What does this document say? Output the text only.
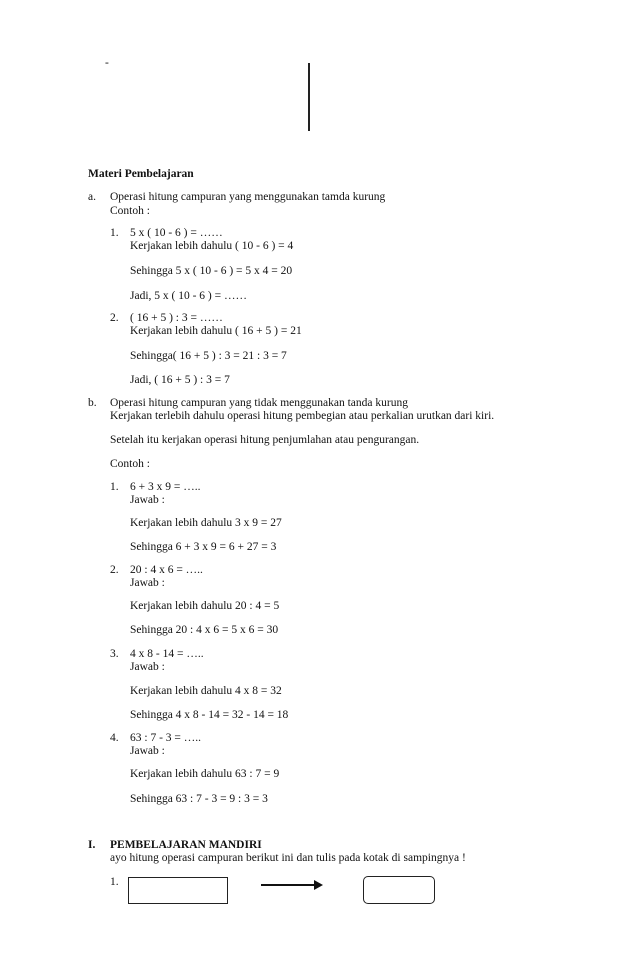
-
Materi Pembelajaran
a. Operasi hitung campuran yang menggunakan tamda kurung
Contoh :
1. 5 x ( 10 - 6 ) = ……
Kerjakan lebih dahulu ( 10 - 6 ) = 4
Sehingga 5 x ( 10 - 6 ) = 5 x 4 = 20
Jadi, 5 x ( 10 - 6 ) = ……
2. ( 16 + 5 ) : 3 = ……
Kerjakan lebih dahulu ( 16 + 5 ) = 21
Sehingga( 16 + 5 ) : 3 = 21 : 3 = 7
Jadi, ( 16 + 5 ) : 3 = 7
b. Operasi hitung campuran yang tidak menggunakan tanda kurung
Kerjakan terlebih dahulu operasi hitung pembegian atau perkalian urutkan dari kiri.
Setelah itu kerjakan operasi hitung penjumlahan atau pengurangan.
Contoh :
1. 6 + 3 x 9 = …..
Jawab :
Kerjakan lebih dahulu 3 x 9 = 27
Sehingga 6 + 3 x 9 = 6 + 27 = 3
2. 20 : 4 x 6 = …..
Jawab :
Kerjakan lebih dahulu 20 : 4 = 5
Sehingga 20 : 4 x 6 = 5 x 6 = 30
3. 4 x 8 - 14 = …..
Jawab :
Kerjakan lebih dahulu 4 x 8 = 32
Sehingga 4 x 8 - 14 = 32 - 14 = 18
4. 63 : 7 - 3 = …..
Jawab :
Kerjakan lebih dahulu 63 : 7 = 9
Sehingga 63 : 7 - 3 = 9 : 3 = 3
I. PEMBELAJARAN MANDIRI
ayo hitung operasi campuran berikut ini dan tulis pada kotak di sampingnya !
1.
